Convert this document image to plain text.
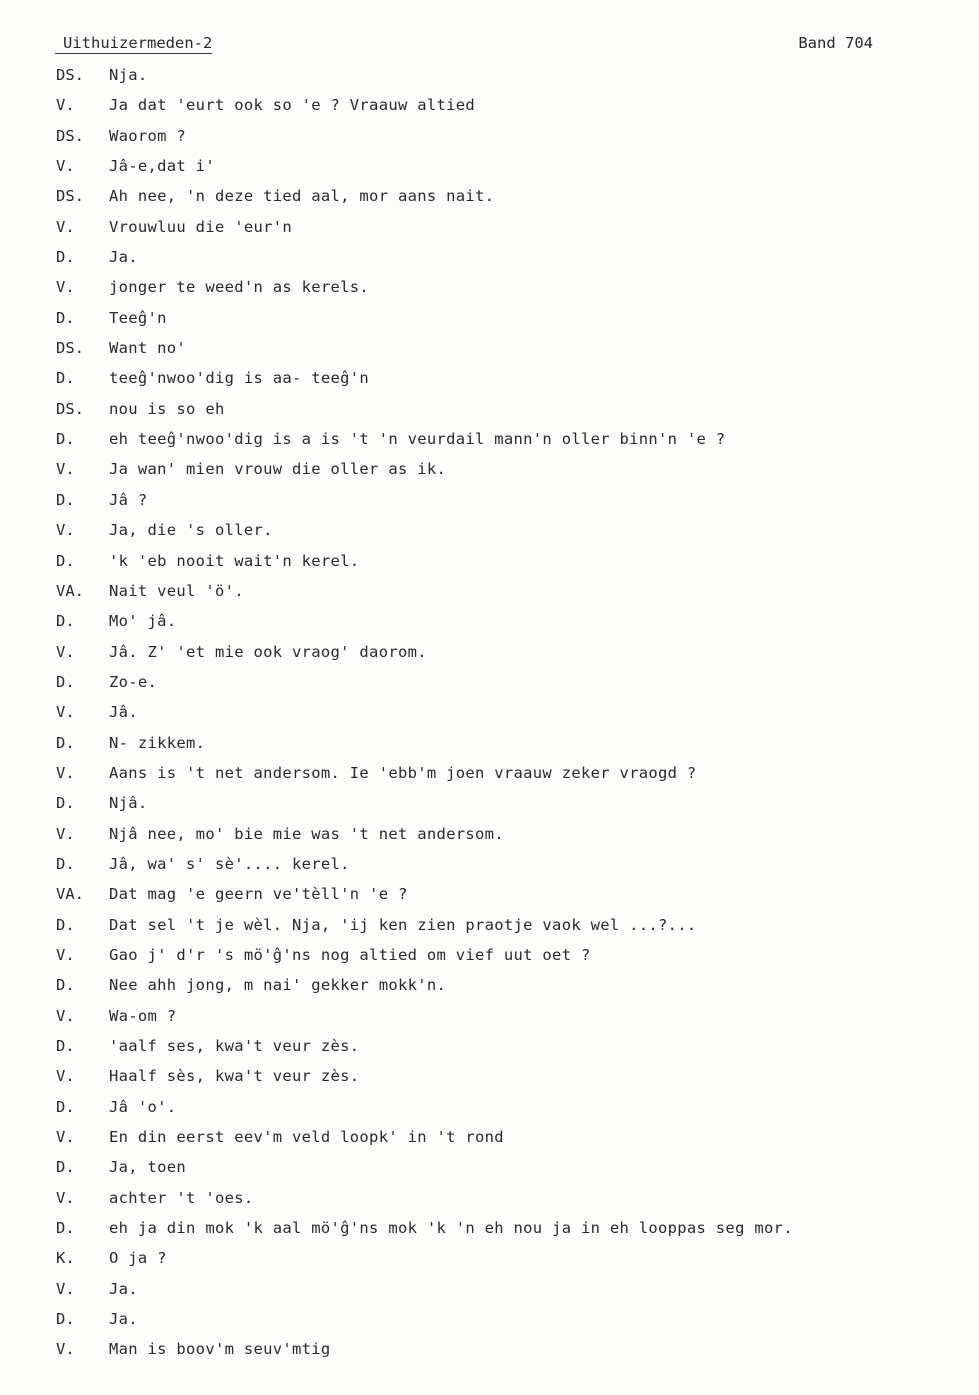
Uithuizermeden-2	Band 704
DS.	Nja.
V.	Ja dat 'eurt ook so 'e ? Vraauw altied
DS.	Waorom ?
V.	Jâ-e,dat i'
DS.	Ah nee, 'n deze tied aal, mor aans nait.
V.	Vrouwluu die 'eur'n
D.	Ja.
V.	jonger te weed'n as kerels.
D.	Teeĝ'n
DS.	Want no'
D.	teeĝ'nwoo'dig is aa- teeĝ'n
DS.	nou is so eh
D.	eh teeĝ'nwoo'dig is a is 't 'n veurdail mann'n oller binn'n 'e ?
V.	Ja wan' mien vrouw die oller as ik.
D.	Jâ ?
V.	Ja, die 's oller.
D.	'k 'eb nooit wait'n kerel.
VA.	Nait veul 'ö'.
D.	Mo' jâ.
V.	Jâ. Z' 'et mie ook vraog' daorom.
D.	Zo-e.
V.	Jâ.
D.	N- zikkem.
V.	Aans is 't net andersom. Ie 'ebb'm joen vraauw zeker vraogd ?
D.	Njâ.
V.	Njâ nee, mo' bie mie was 't net andersom.
D.	Jâ, wa' s' sè'.... kerel.
VA.	Dat mag 'e geern ve'tèll'n 'e ?
D.	Dat sel 't je wèl. Nja, 'ij ken zien praotje vaok wel ...?...
V.	Gao j' d'r 's mö'ĝ'ns nog altied om vief uut oet ?
D.	Nee ahh jong, m nai' gekker mokk'n.
V.	Wa-om ?
D.	'aalf ses, kwa't veur zès.
V.	Haalf sès, kwa't veur zès.
D.	Jâ 'o'.
V.	En din eerst eev'm veld loopk' in 't rond
D.	Ja, toen
V.	achter 't 'oes.
D.	eh ja din mok 'k aal mö'ĝ'ns mok 'k 'n eh nou ja in eh looppas seg mor.
K.	O ja ?
V.	Ja.
D.	Ja.
V.	Man is boov'm seuv'mtig
